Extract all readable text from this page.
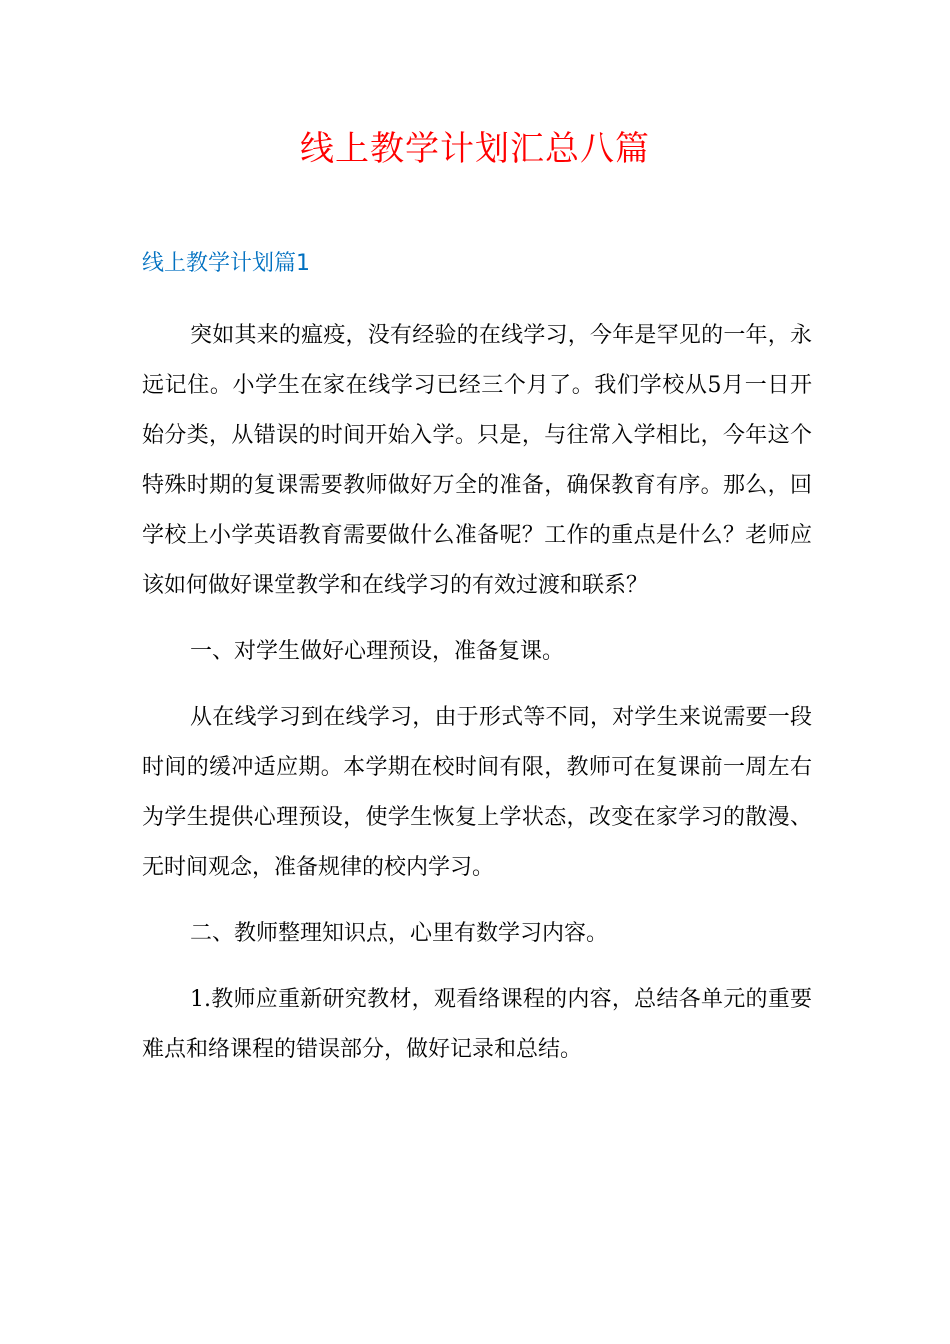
线上教学计划汇总八篇
线上教学计划篇1

突如其来的瘟疫，没有经验的在线学习，今年是罕见的一年，永远记住。小学生在家在线学习已经三个月了。我们学校从5月一日开始分类，从错误的时间开始入学。只是，与往常入学相比，今年这个特殊时期的复课需要教师做好万全的准备，确保教育有序。那么，回学校上小学英语教育需要做什么准备呢？工作的重点是什么？老师应该如何做好课堂教学和在线学习的有效过渡和联系？

一、对学生做好心理预设，准备复课。

从在线学习到在线学习，由于形式等不同，对学生来说需要一段时间的缓冲适应期。本学期在校时间有限，教师可在复课前一周左右为学生提供心理预设，使学生恢复上学状态，改变在家学习的散漫、无时间观念，准备规律的校内学习。

二、教师整理知识点，心里有数学习内容。

1.教师应重新研究教材，观看络课程的内容，总结各单元的重要难点和络课程的错误部分，做好记录和总结。
